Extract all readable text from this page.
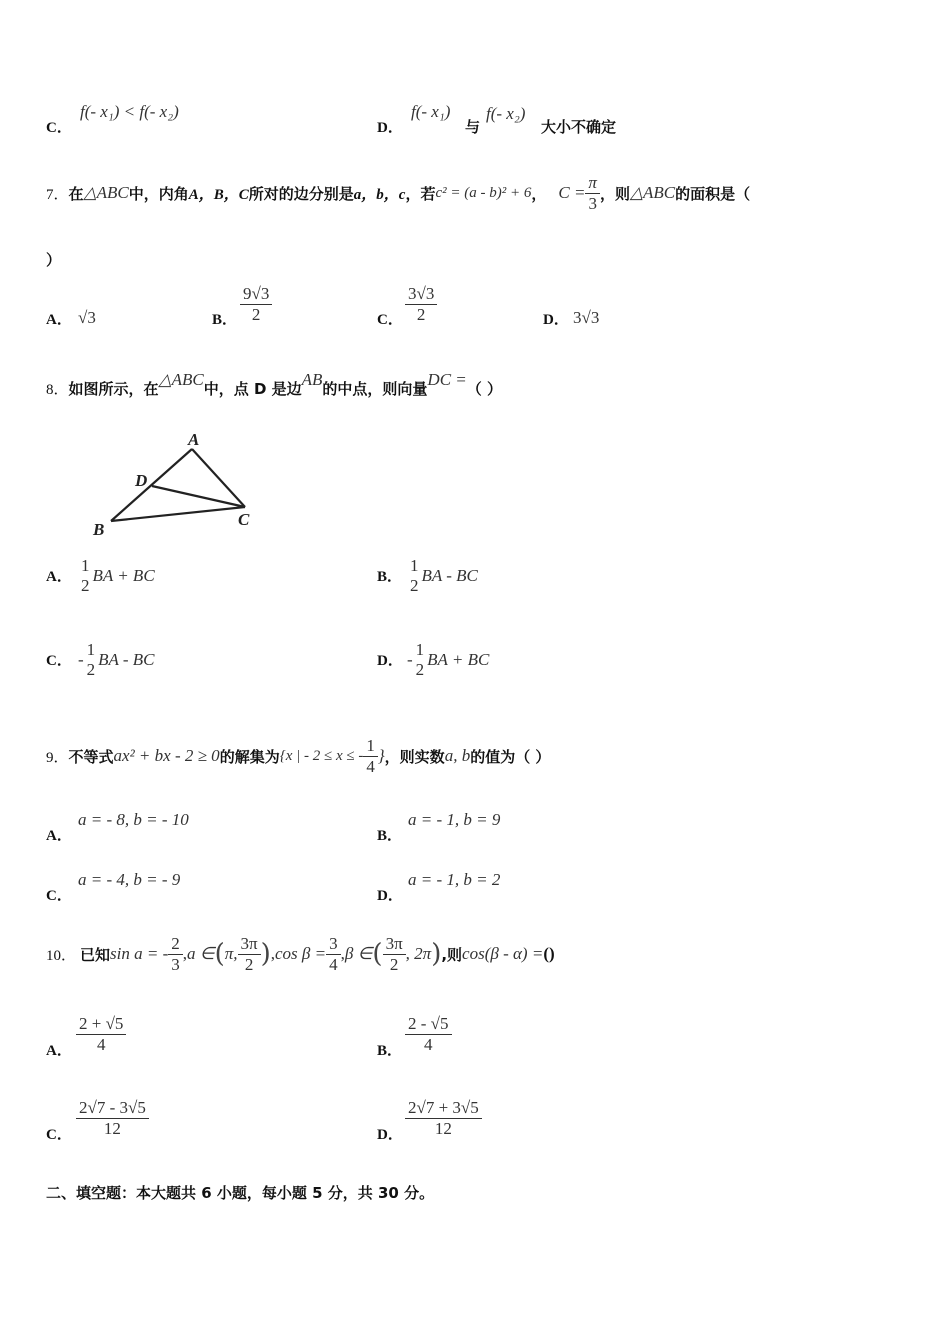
C．
f(- x₁) < f(- x₂)
D．
f(- x₁)
与
f(- x₂)
大小不确定
7． 在 △ABC 中，内角 A，B，C 所对的边分别是 a，b，c ，若 c² = (a - b)² + 6 ， $C = \frac{\pi}{3}$ ，则 △ABC 的面积是（
）
A． √3	B． $\frac{9√3}{2}$	C． $\frac{3√3}{2}$	D． 3√3
8． 如图所示，在 △ABC 中，点 D 是边 AB 的中点，则向量 DC = （ ）
A
D
B
C
A．
1
2
BA + BC	B．
1
2
BA - BC
C． -
1
2
BA - BC	D． -
1
2
BA + BC
9． 不等式 ax² + bx - 2 ≥ 0 的解集为 {x | - 2 ≤ x ≤ - $\frac{1}{4}$ } ，则实数 a, b 的值为（ ）
A．
a = - 8, b = - 10
B．
a = - 1, b = 9
C．
a = - 4, b = - 9
D．
a = - 1, b = 2
10． 已知 sin a = - $\frac{2}{3}$ , a ∈ ( π, $\frac{3\pi}{2}$ ) , $\cos \beta = \frac{3}{4}$ , β ∈ ( $\frac{3\pi}{2}$ , 2π ) ,则 cos(β - α) = ()
A． $\frac{2 + √5}{4}$	B． $\frac{2 - √5}{4}$
C． $\frac{2√7 - 3√5}{12}$	D． $\frac{2√7 + 3√5}{12}$
二、填空题：本大题共 6 小题，每小题 5 分，共 30 分。
